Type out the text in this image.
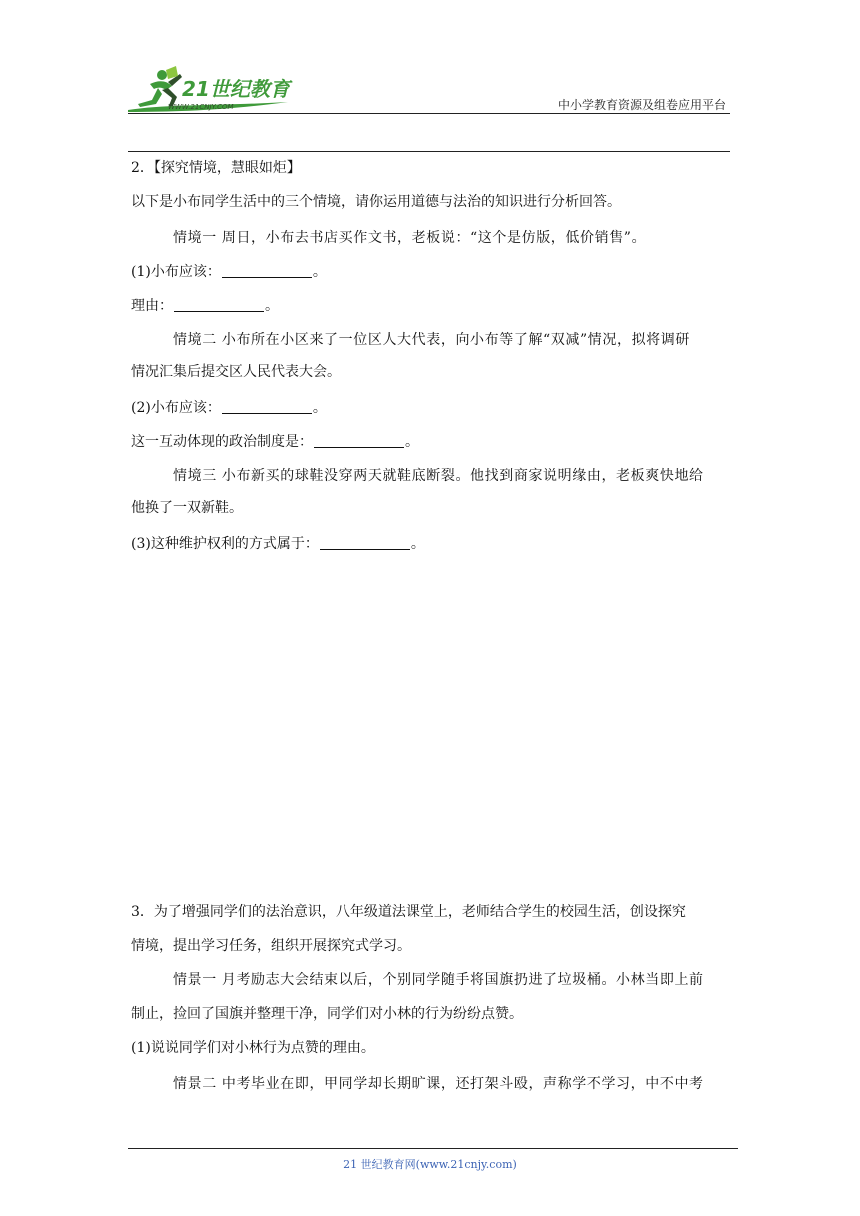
21世纪教育
WWW.21CNJY.COM	中小学教育资源及组卷应用平台
2．【探究情境，慧眼如炬】
以下是小布同学生活中的三个情境，请你运用道德与法治的知识进行分析回答。
情境一 周日，小布去书店买作文书，老板说：“这个是仿版，低价销售”。
(1)小布应该：	。
理由：	。
情境二 小布所在小区来了一位区人大代表，向小布等了解“双减”情况，拟将调研
情况汇集后提交区人民代表大会。
(2)小布应该：	。
这一互动体现的政治制度是：	。
情境三 小布新买的球鞋没穿两天就鞋底断裂。他找到商家说明缘由，老板爽快地给
他换了一双新鞋。
(3)这种维护权利的方式属于：	。
3．为了增强同学们的法治意识，八年级道法课堂上，老师结合学生的校园生活，创设探究
情境，提出学习任务，组织开展探究式学习。
情景一 月考励志大会结束以后，个别同学随手将国旗扔进了垃圾桶。小林当即上前
制止，捡回了国旗并整理干净，同学们对小林的行为纷纷点赞。
(1)说说同学们对小林行为点赞的理由。
情景二 中考毕业在即，甲同学却长期旷课，还打架斗殴，声称学不学习，中不中考
21 世纪教育网(www.21cnjy.com)
